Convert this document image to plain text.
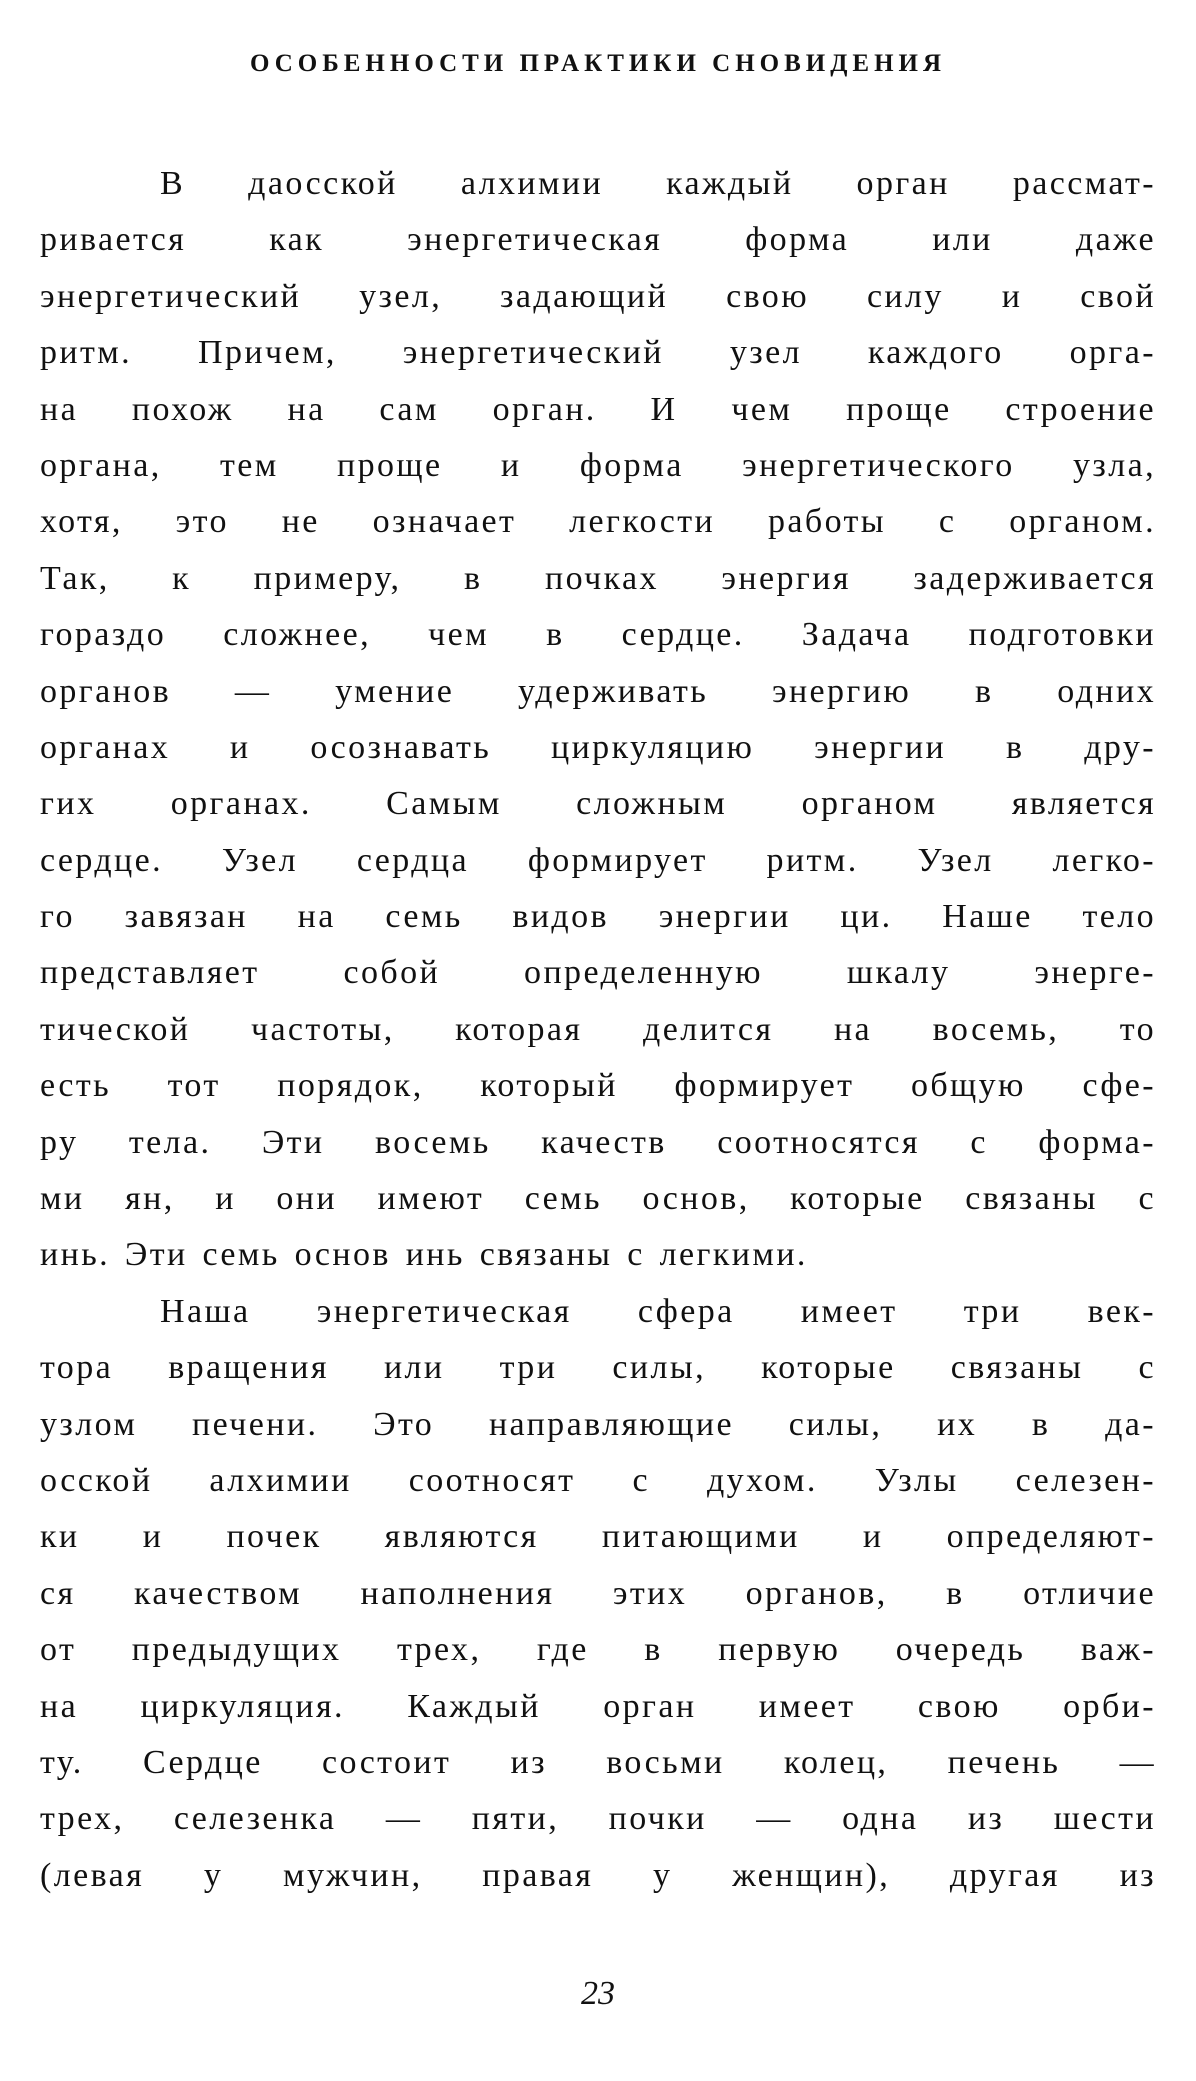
ОСОБЕННОСТИ ПРАКТИКИ СНОВИДЕНИЯ
В даосской алхимии каждый орган рассмат-
ривается как энергетическая форма или даже
энергетический узел, задающий свою силу и свой
ритм. Причем, энергетический узел каждого орга-
на похож на сам орган. И чем проще строение
органа, тем проще и форма энергетического узла,
хотя, это не означает легкости работы с органом.
Так, к примеру, в почках энергия задерживается
гораздо сложнее, чем в сердце. Задача подготовки
органов — умение удерживать энергию в одних
органах и осознавать циркуляцию энергии в дру-
гих органах. Самым сложным органом является
сердце. Узел сердца формирует ритм. Узел легко-
го завязан на семь видов энергии ци. Наше тело
представляет собой определенную шкалу энерге-
тической частоты, которая делится на восемь, то
есть тот порядок, который формирует общую сфе-
ру тела. Эти восемь качеств соотносятся с форма-
ми ян, и они имеют семь основ, которые связаны с
инь. Эти семь основ инь связаны с легкими.
Наша энергетическая сфера имеет три век-
тора вращения или три силы, которые связаны с
узлом печени. Это направляющие силы, их в да-
осской алхимии соотносят с духом. Узлы селезен-
ки и почек являются питающими и определяют-
ся качеством наполнения этих органов, в отличие
от предыдущих трех, где в первую очередь важ-
на циркуляция. Каждый орган имеет свою орби-
ту. Сердце состоит из восьми колец, печень —
трех, селезенка — пяти, почки — одна из шести
(левая у мужчин, правая у женщин), другая из
23
